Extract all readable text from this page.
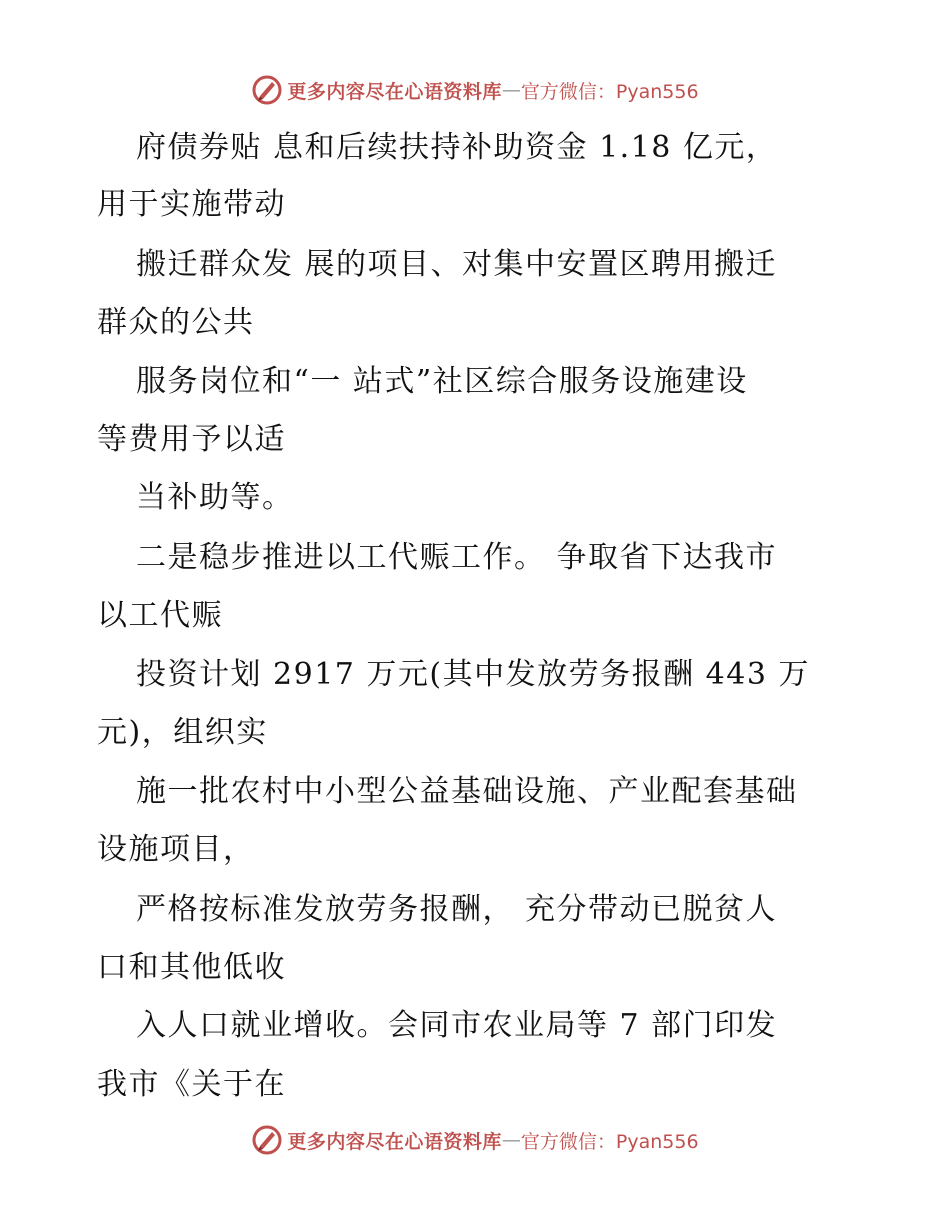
更多内容尽在心语资料库 — 官方微信：Pyan556
府债券贴 息和后续扶持补助资金 1.18 亿元，
用于实施带动
搬迁群众发 展的项目、对集中安置区聘用搬迁
群众的公共
服务岗位和“一 站式”社区综合服务设施建设
等费用予以适
当补助等。
二是稳步推进以工代赈工作。 争取省下达我市
以工代赈
投资计划 2917 万元(其中发放劳务报酬 443 万
元)，组织实
施一批农村中小型公益基础设施、产业配套基础
设施项目，
严格按标准发放劳务报酬， 充分带动已脱贫人
口和其他低收
入人口就业增收。会同市农业局等 7 部门印发
我市《关于在
更多内容尽在心语资料库 — 官方微信：Pyan556
